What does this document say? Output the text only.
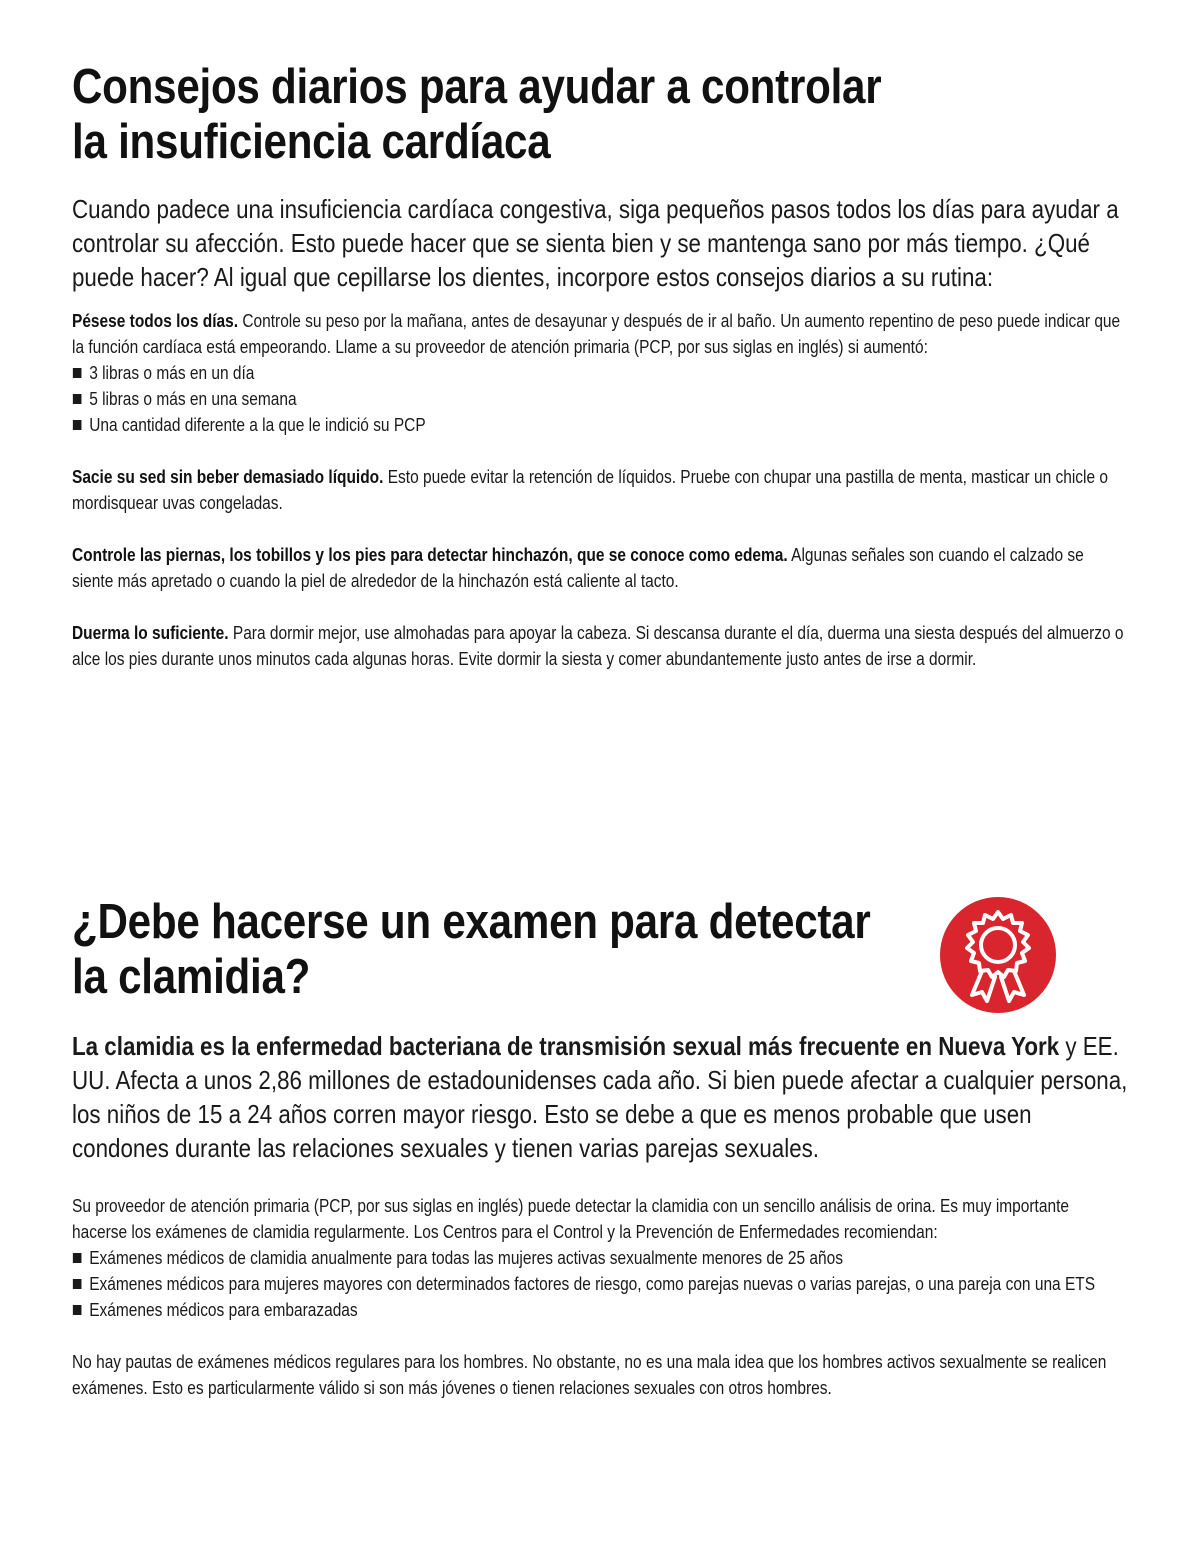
Consejos diarios para ayudar a controlar
la insuficiencia cardíaca

Cuando padece una insuficiencia cardíaca congestiva, siga pequeños pasos todos los días para ayudar a controlar su afección. Esto puede hacer que se sienta bien y se mantenga sano por más tiempo. ¿Qué puede hacer? Al igual que cepillarse los dientes, incorpore estos consejos diarios a su rutina:

Pésese todos los días. Controle su peso por la mañana, antes de desayunar y después de ir al baño. Un aumento repentino de peso puede indicar que la función cardíaca está empeorando. Llame a su proveedor de atención primaria (PCP, por sus siglas en inglés) si aumentó:

3 libras o más en un día
5 libras o más en una semana
Una cantidad diferente a la que le indició su PCP

Sacie su sed sin beber demasiado líquido. Esto puede evitar la retención de líquidos. Pruebe con chupar una pastilla de menta, masticar un chicle o mordisquear uvas congeladas.

Controle las piernas, los tobillos y los pies para detectar hinchazón, que se conoce como edema. Algunas señales son cuando el calzado se siente más apretado o cuando la piel de alrededor de la hinchazón está caliente al tacto.

Duerma lo suficiente. Para dormir mejor, use almohadas para apoyar la cabeza. Si descansa durante el día, duerma una siesta después del almuerzo o alce los pies durante unos minutos cada algunas horas. Evite dormir la siesta y comer abundantemente justo antes de irse a dormir.

¿Debe hacerse un examen para detectar
la clamidia?

La clamidia es la enfermedad bacteriana de transmisión sexual más frecuente en Nueva York y EE. UU. Afecta a unos 2,86 millones de estadounidenses cada año. Si bien puede afectar a cualquier persona, los niños de 15 a 24 años corren mayor riesgo. Esto se debe a que es menos probable que usen condones durante las relaciones sexuales y tienen varias parejas sexuales.

Su proveedor de atención primaria (PCP, por sus siglas en inglés) puede detectar la clamidia con un sencillo análisis de orina. Es muy importante hacerse los exámenes de clamidia regularmente. Los Centros para el Control y la Prevención de Enfermedades recomiendan:

Exámenes médicos de clamidia anualmente para todas las mujeres activas sexualmente menores de 25 años
Exámenes médicos para mujeres mayores con determinados factores de riesgo, como parejas nuevas o varias parejas, o una pareja con una ETS
Exámenes médicos para embarazadas

No hay pautas de exámenes médicos regulares para los hombres. No obstante, no es una mala idea que los hombres activos sexualmente se realicen exámenes. Esto es particularmente válido si son más jóvenes o tienen relaciones sexuales con otros hombres.
